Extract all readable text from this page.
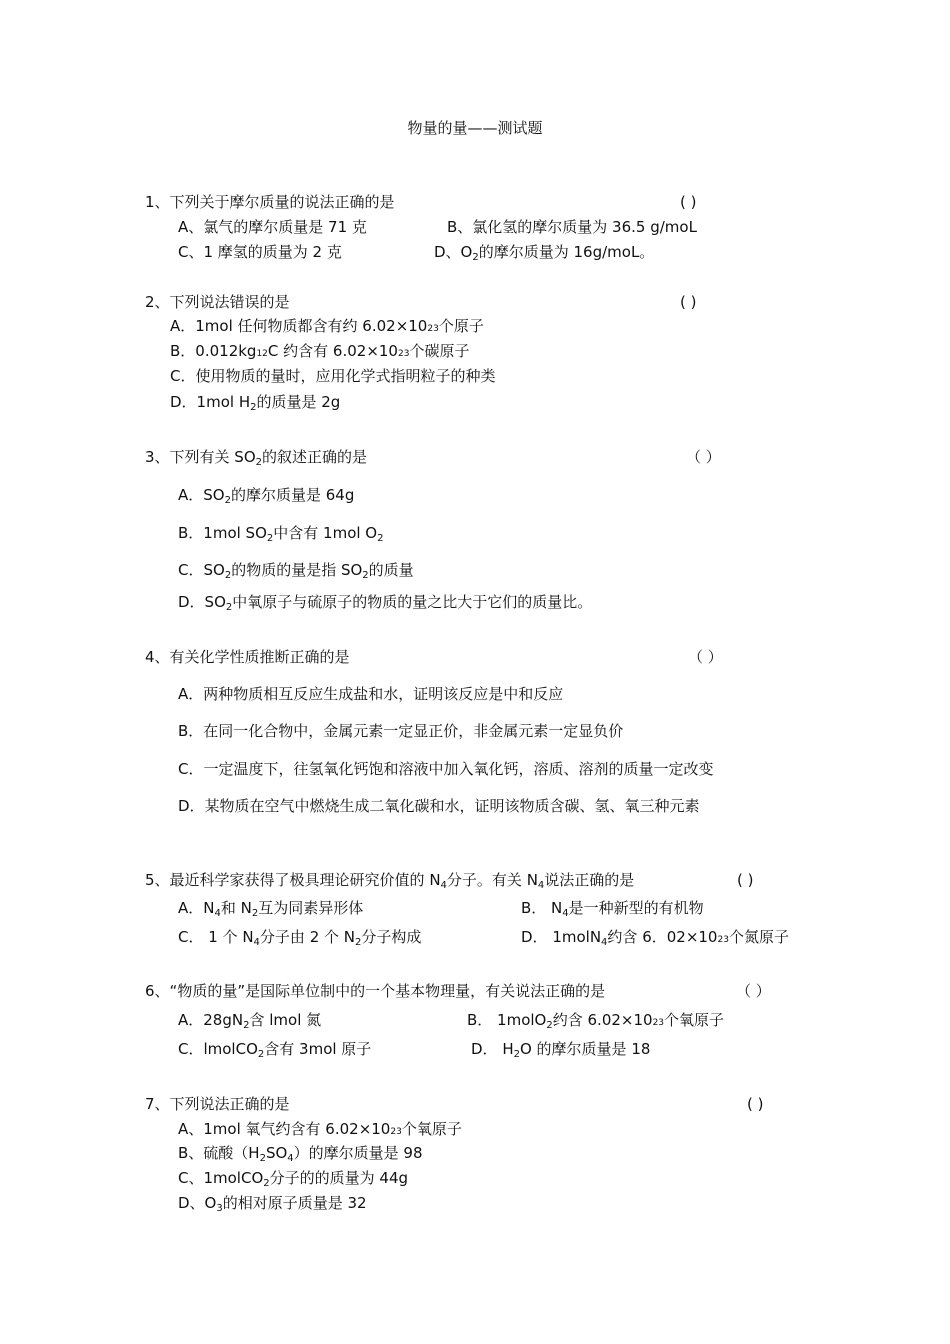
物量的量——测试题
1、下列关于摩尔质量的说法正确的是	( )
A、氯气的摩尔质量是 71 克	B、氯化氢的摩尔质量为 36.5 g/moL
C、1 摩氢的质量为 2 克	D、$O_2$的摩尔质量为 16g/moL。
2、下列说法错误的是	( )
A．1mol 任何物质都含有约 6.02×1023个原子
B．0.012kg12C 约含有 6.02×1023个碳原子
C．使用物质的量时，应用化学式指明粒子的种类
D．1mol $H_2$的质量是 2g
3、下列有关 $SO_2$的叙述正确的是	（ ）
A．$SO_2$的摩尔质量是 64g
B．1mol $SO_2$中含有 1mol $O_2$
C．$SO_2$的物质的量是指 $SO_2$的质量
D．$SO_2$中氧原子与硫原子的物质的量之比大于它们的质量比。
4、有关化学性质推断正确的是	（ ）
A．两种物质相互反应生成盐和水，证明该反应是中和反应
B．在同一化合物中，金属元素一定显正价，非金属元素一定显负价
C．一定温度下，往氢氧化钙饱和溶液中加入氧化钙，溶质、溶剂的质量一定改变
D．某物质在空气中燃烧生成二氧化碳和水，证明该物质含碳、氢、氧三种元素
5、最近科学家获得了极具理论研究价值的 $N_4$分子。有关 $N_4$说法正确的是	( )
A．$N_4$和 $N_2$互为同素异形体	B． $N_4$是一种新型的有机物
C． 1 个 $N_4$分子由 2 个 $N_2$分子构成	D． 1molN$_4$约含 6．02×1023个氮原子
6、“物质的量”是国际单位制中的一个基本物理量，有关说法正确的是	（ ）
A．$28gN_2$含 lmol 氮	B． 1molO$_2$约含 6.02×1023个氧原子
C．lmolCO$_2$含有 3mol 原子	D． $H_2O$ 的摩尔质量是 18
7、下列说法正确的是	( )
A、1mol 氧气约含有 6.02×1023个氧原子
B、硫酸$(H_2SO_4)$的摩尔质量是 98
C、1molCO$_2$分子的的质量为 44g
D、$O_3$的相对原子质量是 32
